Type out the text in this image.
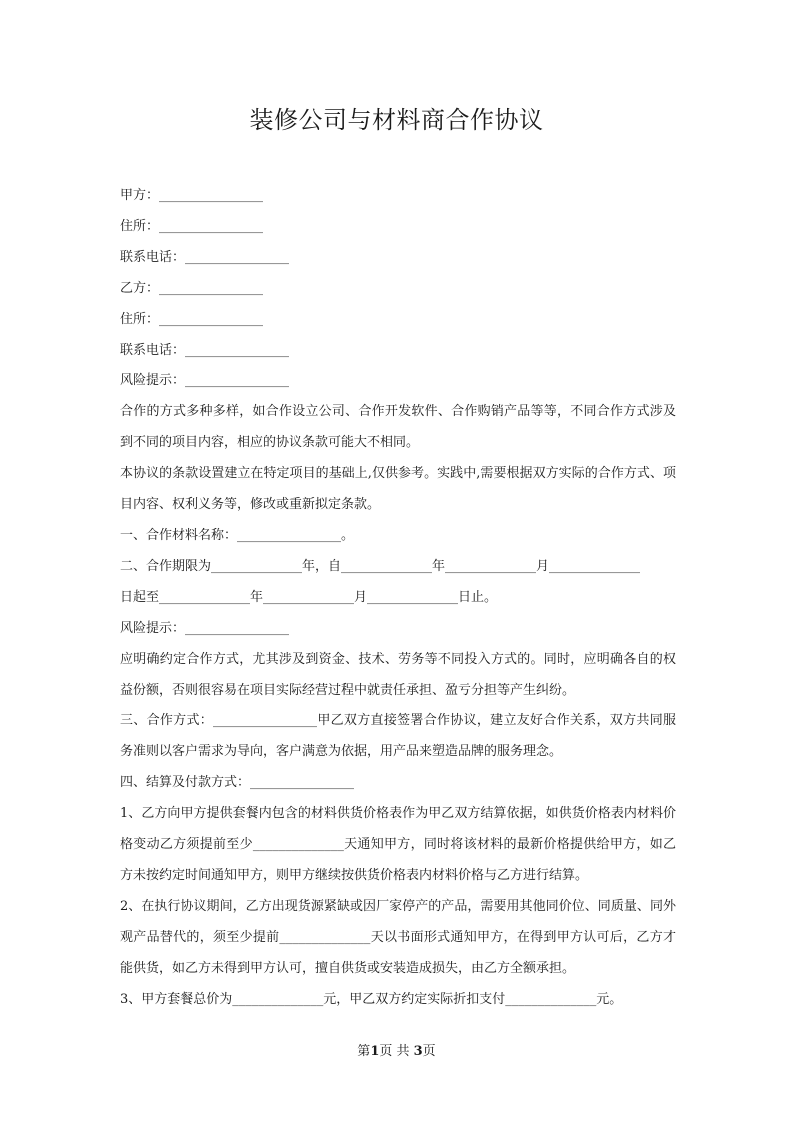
装修公司与材料商合作协议

甲方：________________

住所：________________

联系电话：________________

乙方：________________

住所：________________

联系电话：________________

风险提示：________________

合作的方式多种多样，如合作设立公司、合作开发软件、合作购销产品等等，不同合作方式涉及到不同的项目内容，相应的协议条款可能大不相同。

本协议的条款设置建立在特定项目的基础上,仅供参考。实践中,需要根据双方实际的合作方式、项目内容、权利义务等，修改或重新拟定条款。

一、合作材料名称：________________。

二、合作期限为______________年，自______________年______________月______________

日起至______________年______________月______________日止。

风险提示：________________

应明确约定合作方式，尤其涉及到资金、技术、劳务等不同投入方式的。同时，应明确各自的权益份额，否则很容易在项目实际经营过程中就责任承担、盈亏分担等产生纠纷。

三、合作方式：________________甲乙双方直接签署合作协议，建立友好合作关系，双方共同服务准则以客户需求为导向，客户满意为依据，用产品来塑造品牌的服务理念。

四、结算及付款方式：________________

1、乙方向甲方提供套餐内包含的材料供货价格表作为甲乙双方结算依据，如供货价格表内材料价格变动乙方须提前至少______________天通知甲方，同时将该材料的最新价格提供给甲方，如乙方未按约定时间通知甲方，则甲方继续按供货价格表内材料价格与乙方进行结算。

2、在执行协议期间，乙方出现货源紧缺或因厂家停产的产品，需要用其他同价位、同质量、同外观产品替代的，须至少提前______________天以书面形式通知甲方，在得到甲方认可后，乙方才能供货，如乙方未得到甲方认可，擅自供货或安装造成损失，由乙方全额承担。

3、甲方套餐总价为______________元，甲乙双方约定实际折扣支付______________元。

第1页 共 3页
